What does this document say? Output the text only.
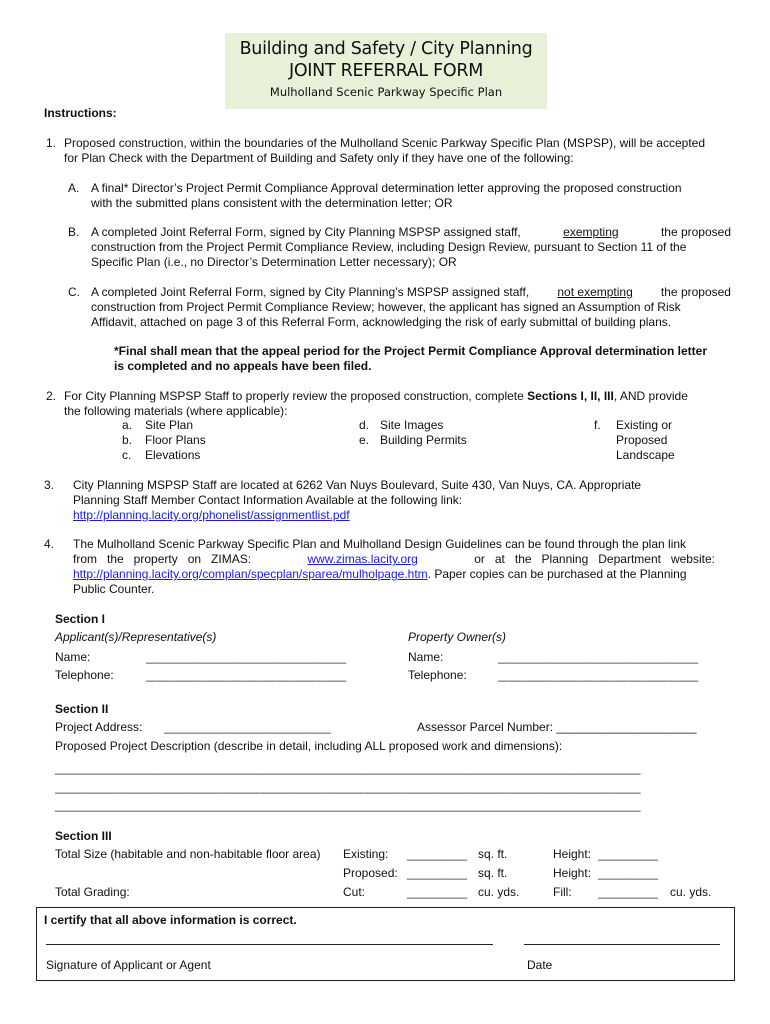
Building and Safety / City Planning
JOINT REFERRAL FORM
Mulholland Scenic Parkway Specific Plan
Instructions:
1. Proposed construction, within the boundaries of the Mulholland Scenic Parkway Specific Plan (MSPSP), will be accepted
for Plan Check with the Department of Building and Safety only if they have one of the following:
A. A final* Director’s Project Permit Compliance Approval determination letter approving the proposed construction
with the submitted plans consistent with the determination letter; OR
B. A completed Joint Referral Form, signed by City Planning MSPSP assigned staff,	exempting	the proposed
construction from the Project Permit Compliance Review, including Design Review, pursuant to Section 11 of the
Specific Plan (i.e., no Director’s Determination Letter necessary); OR
C. A completed Joint Referral Form, signed by City Planning’s MSPSP assigned staff, not exempting the proposed
construction from Project Permit Compliance Review; however, the applicant has signed an Assumption of Risk
Affidavit, attached on page 3 of this Referral Form, acknowledging the risk of early submittal of building plans.
*Final shall mean that the appeal period for the Project Permit Compliance Approval determination letter
is completed and no appeals have been filed.
2. For City Planning MSPSP Staff to properly review the proposed construction, complete Sections I, II, III, AND provide
the following materials (where applicable):
a. Site Plan
b. Floor Plans
c. Elevations
d. Site Images
e. Building Permits
f. Existing or
Proposed
Landscape
3. City Planning MSPSP Staff are located at 6262 Van Nuys Boulevard, Suite 430, Van Nuys, CA. Appropriate
Planning Staff Member Contact Information Available at the following link:
http://planning.lacity.org/phonelist/assignmentlist.pdf
4. The Mulholland Scenic Parkway Specific Plan and Mulholland Design Guidelines can be found through the plan link
from   the   property   on   ZIMAS:	www.zimas.lacity.org	or   at   the   Planning   Department   website:
http://planning.lacity.org/complan/specplan/sparea/mulholpage.htm. Paper copies can be purchased at the Planning
Public Counter.
Section I
Applicant(s)/Representative(s)	Property Owner(s)
Name:	______________________________
Telephone:	______________________________
Name:	______________________________
Telephone:	______________________________
Section II
Project Address: _________________________	Assessor Parcel Number: _____________________
Proposed Project Description (describe in detail, including ALL proposed work and dimensions):
__________________________________________________________________________________________
__________________________________________________________________________________________
__________________________________________________________________________________________
Section III
Total Size (habitable and non-habitable floor area) Existing: _________ sq. ft.	Height: _________
Proposed: _________ sq. ft.	Height: _________
Total Grading:	Cut:	_________ cu. yds.	Fill: _________ cu. yds.
I certify that all above information is correct.
Signature of Applicant or Agent	Date
